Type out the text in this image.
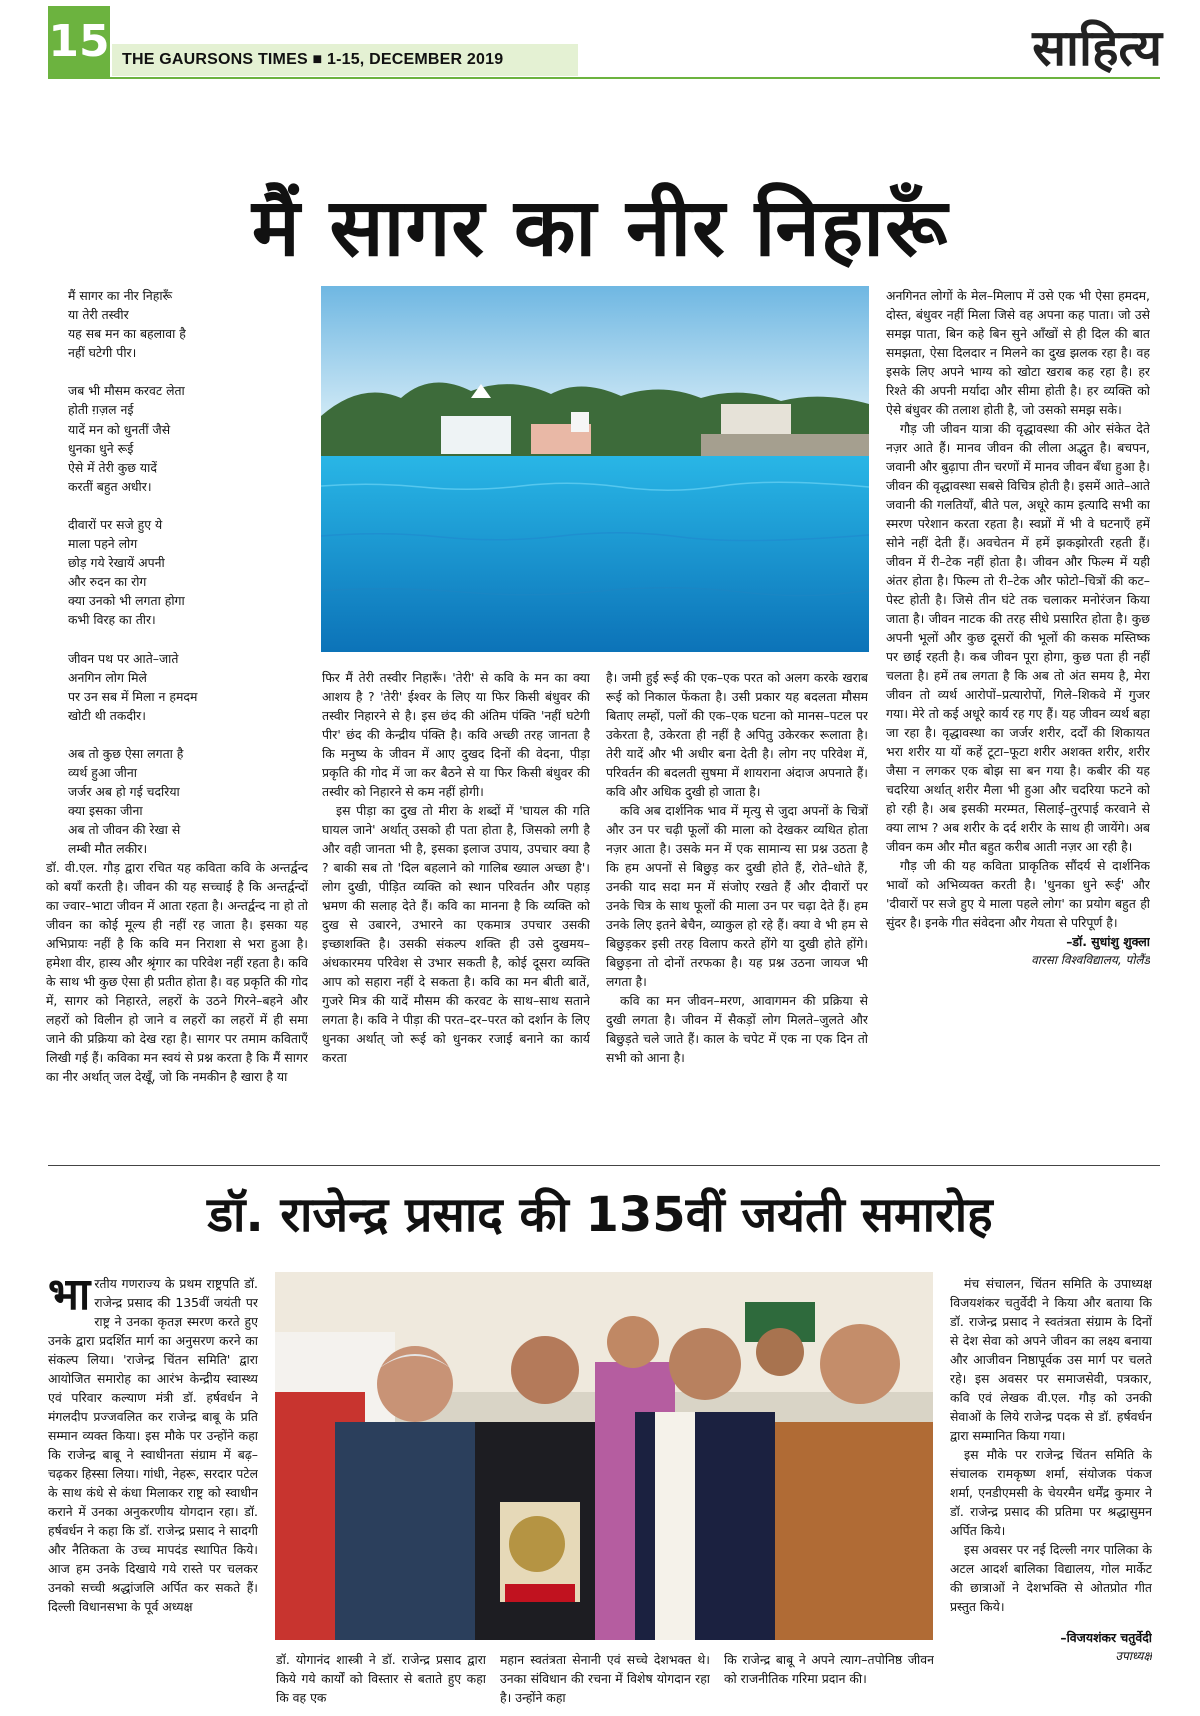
15 THE GAURSONS TIMES ■ 1-15, DECEMBER 2019	साहित्य
मैं सागर का नीर निहारूँ
मैं सागर का नीर निहारूँ
या तेरी तस्वीर
यह सब मन का बहलावा है
नहीं घटेगी पीर।
जब भी मौसम करवट लेता
होती ग़ज़ल नई
यादें मन को धुनतीं जैसे
धुनका धुने रूई
ऐसे में तेरी कुछ यादें
करतीं बहुत अधीर।
दीवारों पर सजे हुए ये
माला पहने लोग
छोड़ गये रेखायें अपनी
और रुदन का रोग
क्या उनको भी लगता होगा
कभी विरह का तीर।
जीवन पथ पर आते–जाते
अनगिन लोग मिले
पर उन सब में मिला न हमदम
खोटी थी तकदीर।
अब तो कुछ ऐसा लगता है
व्यर्थ हुआ जीना
जर्जर अब हो गई चदरिया
क्या इसका जीना
अब तो जीवन की रेखा से
लम्बी मौत लकीर।

डॉ. वी.एल. गौड़ द्वारा रचित यह कविता कवि के अन्तर्द्वन्द को बयाँ करती है। जीवन की यह सच्चाई है कि अन्तर्द्वन्दों का ज्वार–भाटा जीवन में आता रहता है। अन्तर्द्वन्द ना हो तो जीवन का कोई मूल्य ही नहीं रह जाता है। इसका यह अभिप्रायः नहीं है कि कवि मन निराशा से भरा हुआ है। हमेशा वीर, हास्य और श्रृंगार का परिवेश नहीं रहता है। कवि के साथ भी कुछ ऐसा ही प्रतीत होता है। वह प्रकृति की गोद में, सागर को निहारते, लहरों के उठने गिरने–बहने और लहरों को विलीन हो जाने व लहरों का लहरों में ही समा जाने की प्रक्रिया को देख रहा है। सागर पर तमाम कविताएँ लिखी गई हैं। कविका मन स्वयं से प्रश्न करता है कि मैं सागर का नीर अर्थात् जल देखूँ, जो कि नमकीन है खारा है या

फिर मैं तेरी तस्वीर निहारूँ। 'तेरी' से कवि के मन का क्या आशय है ? 'तेरी' ईश्वर के लिए या फिर किसी बंधुवर की तस्वीर निहारने से है। इस छंद की अंतिम पंक्ति 'नहीं घटेगी पीर' छंद की केन्द्रीय पंक्ति है। कवि अच्छी तरह जानता है कि मनुष्य के जीवन में आए दुखद दिनों की वेदना, पीड़ा प्रकृति की गोद में जा कर बैठने से या फिर किसी बंधुवर की तस्वीर को निहारने से कम नहीं होगी।

इस पीड़ा का दुख तो मीरा के शब्दों में 'घायल की गति घायल जाने' अर्थात् उसको ही पता होता है, जिसको लगी है और वही जानता भी है, इसका इलाज उपाय, उपचार क्या है ? बाकी सब तो 'दिल बहलाने को गालिब ख्याल अच्छा है'। लोग दुखी, पीड़ित व्यक्ति को स्थान परिवर्तन और पहाड़ भ्रमण की सलाह देते हैं। कवि का मानना है कि व्यक्ति को दुख से उबारने, उभारने का एकमात्र उपचार उसकी इच्छाशक्ति है। उसकी संकल्प शक्ति ही उसे दुखमय–अंधकारमय परिवेश से उभार सकती है, कोई दूसरा व्यक्ति आप को सहारा नहीं दे सकता है। कवि का मन बीती बातें, गुजरे मित्र की यादें मौसम की करवट के साथ–साथ सताने लगता है। कवि ने पीड़ा की परत–दर–परत को दर्शान के लिए धुनका अर्थात् जो रूई को धुनकर रजाई बनाने का कार्य करता

है। जमी हुई रूई की एक–एक परत को अलग करके खराब रूई को निकाल फेंकता है। उसी प्रकार यह बदलता मौसम बिताए लम्हों, पलों की एक–एक घटना को मानस–पटल पर उकेरता है, उकेरता ही नहीं है अपितु उकेरकर रूलाता है। तेरी यादें और भी अधीर बना देती है। लोग नए परिवेश में, परिवर्तन की बदलती सुषमा में शायराना अंदाज अपनाते हैं। कवि और अधिक दुखी हो जाता है।

कवि अब दार्शनिक भाव में मृत्यु से जुदा अपनों के चित्रों और उन पर चढ़ी फूलों की माला को देखकर व्यथित होता नज़र आता है। उसके मन में एक सामान्य सा प्रश्न उठता है कि हम अपनों से बिछुड़ कर दुखी होते हैं, रोते–धोते हैं, उनकी याद सदा मन में संजोए रखते हैं और दीवारों पर उनके चित्र के साथ फूलों की माला उन पर चढ़ा देते हैं। हम उनके लिए इतने बेचैन, व्याकुल हो रहे हैं। क्या वे भी हम से बिछुड़कर इसी तरह विलाप करते होंगे या दुखी होते होंगे। बिछुड़ना तो दोनों तरफका है। यह प्रश्न उठना जायज भी लगता है।

कवि का मन जीवन–मरण, आवागमन की प्रक्रिया से दुखी लगता है। जीवन में सैकड़ों लोग मिलते–जुलते और बिछुड़ते चले जाते हैं। काल के चपेट में एक ना एक दिन तो सभी को आना है।

अनगिनत लोगों के मेल–मिलाप में उसे एक भी ऐसा हमदम, दोस्त, बंधुवर नहीं मिला जिसे वह अपना कह पाता। जो उसे समझ पाता, बिन कहे बिन सुने आँखों से ही दिल की बात समझता, ऐसा दिलदार न मिलने का दुख झलक रहा है। वह इसके लिए अपने भाग्य को खोटा खराब कह रहा है। हर रिश्ते की अपनी मर्यादा और सीमा होती है। हर व्यक्ति को ऐसे बंधुवर की तलाश होती है, जो उसको समझ सके।

गौड़ जी जीवन यात्रा की वृद्धावस्था की ओर संकेत देते नज़र आते हैं। मानव जीवन की लीला अद्भुत है। बचपन, जवानी और बुढ़ापा तीन चरणों में मानव जीवन बँधा हुआ है। जीवन की वृद्धावस्था सबसे विचित्र होती है। इसमें आते–आते जवानी की गलतियाँ, बीते पल, अधूरे काम इत्यादि सभी का स्मरण परेशान करता रहता है। स्वप्नों में भी वे घटनाएँ हमें सोने नहीं देती हैं। अवचेतन में हमें झकझोरती रहती हैं। जीवन में री–टेक नहीं होता है। जीवन और फिल्म में यही अंतर होता है। फिल्म तो री–टेक और फोटो–चित्रों की कट–पेस्ट होती है। जिसे तीन घंटे तक चलाकर मनोरंजन किया जाता है। जीवन नाटक की तरह सीधे प्रसारित होता है। कुछ अपनी भूलों और कुछ दूसरों की भूलों की कसक मस्तिष्क पर छाई रहती है। कब जीवन पूरा होगा, कुछ पता ही नहीं चलता है। हमें तब लगता है कि अब तो अंत समय है, मेरा जीवन तो व्यर्थ आरोपों–प्रत्यारोपों, गिले–शिकवे में गुजर गया। मेरे तो कई अधूरे कार्य रह गए हैं। यह जीवन व्यर्थ बहा जा रहा है। वृद्धावस्था का जर्जर शरीर, दर्दों की शिकायत भरा शरीर या यों कहें टूटा–फूटा शरीर अशक्त शरीर, शरीर जैसा न लगकर एक बोझ सा बन गया है। कबीर की यह चदरिया अर्थात् शरीर मैला भी हुआ और चदरिया फटने को हो रही है। अब इसकी मरम्मत, सिलाई–तुरपाई करवाने से क्या लाभ ? अब शरीर के दर्द शरीर के साथ ही जायेंगे। अब जीवन कम और मौत बहुत करीब आती नज़र आ रही है।

गौड़ जी की यह कविता प्राकृतिक सौंदर्य से दार्शनिक भावों को अभिव्यक्त करती है। 'धुनका धुने रूई' और 'दीवारों पर सजे हुए ये माला पहले लोग' का प्रयोग बहुत ही सुंदर है। इनके गीत संवेदना और गेयता से परिपूर्ण है।

–डॉ. सुधांशु शुक्ला
वारसा विश्वविद्यालय, पोलैंड
डॉ. राजेन्द्र प्रसाद की 135वीं जयंती समारोह
भा रतीय गणराज्य के प्रथम राष्ट्रपति डॉ. राजेन्द्र प्रसाद की 135वीं जयंती पर राष्ट्र ने उनका कृतज्ञ स्मरण करते हुए उनके द्वारा प्रदर्शित मार्ग का अनुसरण करने का संकल्प लिया। 'राजेन्द्र चिंतन समिति' द्वारा आयोजित समारोह का आरंभ केन्द्रीय स्वास्थ्य एवं परिवार कल्याण मंत्री डॉ. हर्षवर्धन ने मंगलदीप प्रज्जवलित कर राजेन्द्र बाबू के प्रति सम्मान व्यक्त किया। इस मौके पर उन्होंने कहा कि राजेन्द्र बाबू ने स्वाधीनता संग्राम में बढ़–चढ़कर हिस्सा लिया। गांधी, नेहरू, सरदार पटेल के साथ कंधे से कंधा मिलाकर राष्ट्र को स्वाधीन कराने में उनका अनुकरणीय योगदान रहा। डॉ. हर्षवर्धन ने कहा कि डॉ. राजेन्द्र प्रसाद ने सादगी और नैतिकता के उच्च मापदंड स्थापित किये। आज हम उनके दिखाये गये रास्ते पर चलकर उनको सच्ची श्रद्धांजलि अर्पित कर सकते हैं। दिल्ली विधानसभा के पूर्व अध्यक्ष
डॉ. योगानंद शास्त्री ने डॉ. राजेन्द्र प्रसाद द्वारा किये गये कार्यों को विस्तार से बताते हुए कहा कि वह एक
महान स्वतंत्रता सेनानी एवं सच्चे देशभक्त थे। उनका संविधान की रचना में विशेष योगदान रहा है। उन्होंने कहा
कि राजेन्द्र बाबू ने अपने त्याग–तपोनिष्ठ जीवन को राजनीतिक गरिमा प्रदान की।

मंच संचालन, चिंतन समिति के उपाध्यक्ष विजयशंकर चतुर्वेदी ने किया और बताया कि डॉ. राजेन्द्र प्रसाद ने स्वतंत्रता संग्राम के दिनों से देश सेवा को अपने जीवन का लक्ष्य बनाया और आजीवन निष्ठापूर्वक उस मार्ग पर चलते रहे। इस अवसर पर समाजसेवी, पत्रकार, कवि एवं लेखक वी.एल. गौड़ को उनकी सेवाओं के लिये राजेन्द्र पदक से डॉ. हर्षवर्धन द्वारा सम्मानित किया गया।

इस मौके पर राजेन्द्र चिंतन समिति के संचालक रामकृष्ण शर्मा, संयोजक पंकज शर्मा, एनडीएमसी के चेयरमैन धर्मेंद्र कुमार ने डॉ. राजेन्द्र प्रसाद की प्रतिमा पर श्रद्धासुमन अर्पित किये।

इस अवसर पर नई दिल्ली नगर पालिका के अटल आदर्श बालिका विद्यालय, गोल मार्केट की छात्राओं ने देशभक्ति से ओतप्रोत गीत प्रस्तुत किये।

–विजयशंकर चतुर्वेदी
उपाध्यक्ष
